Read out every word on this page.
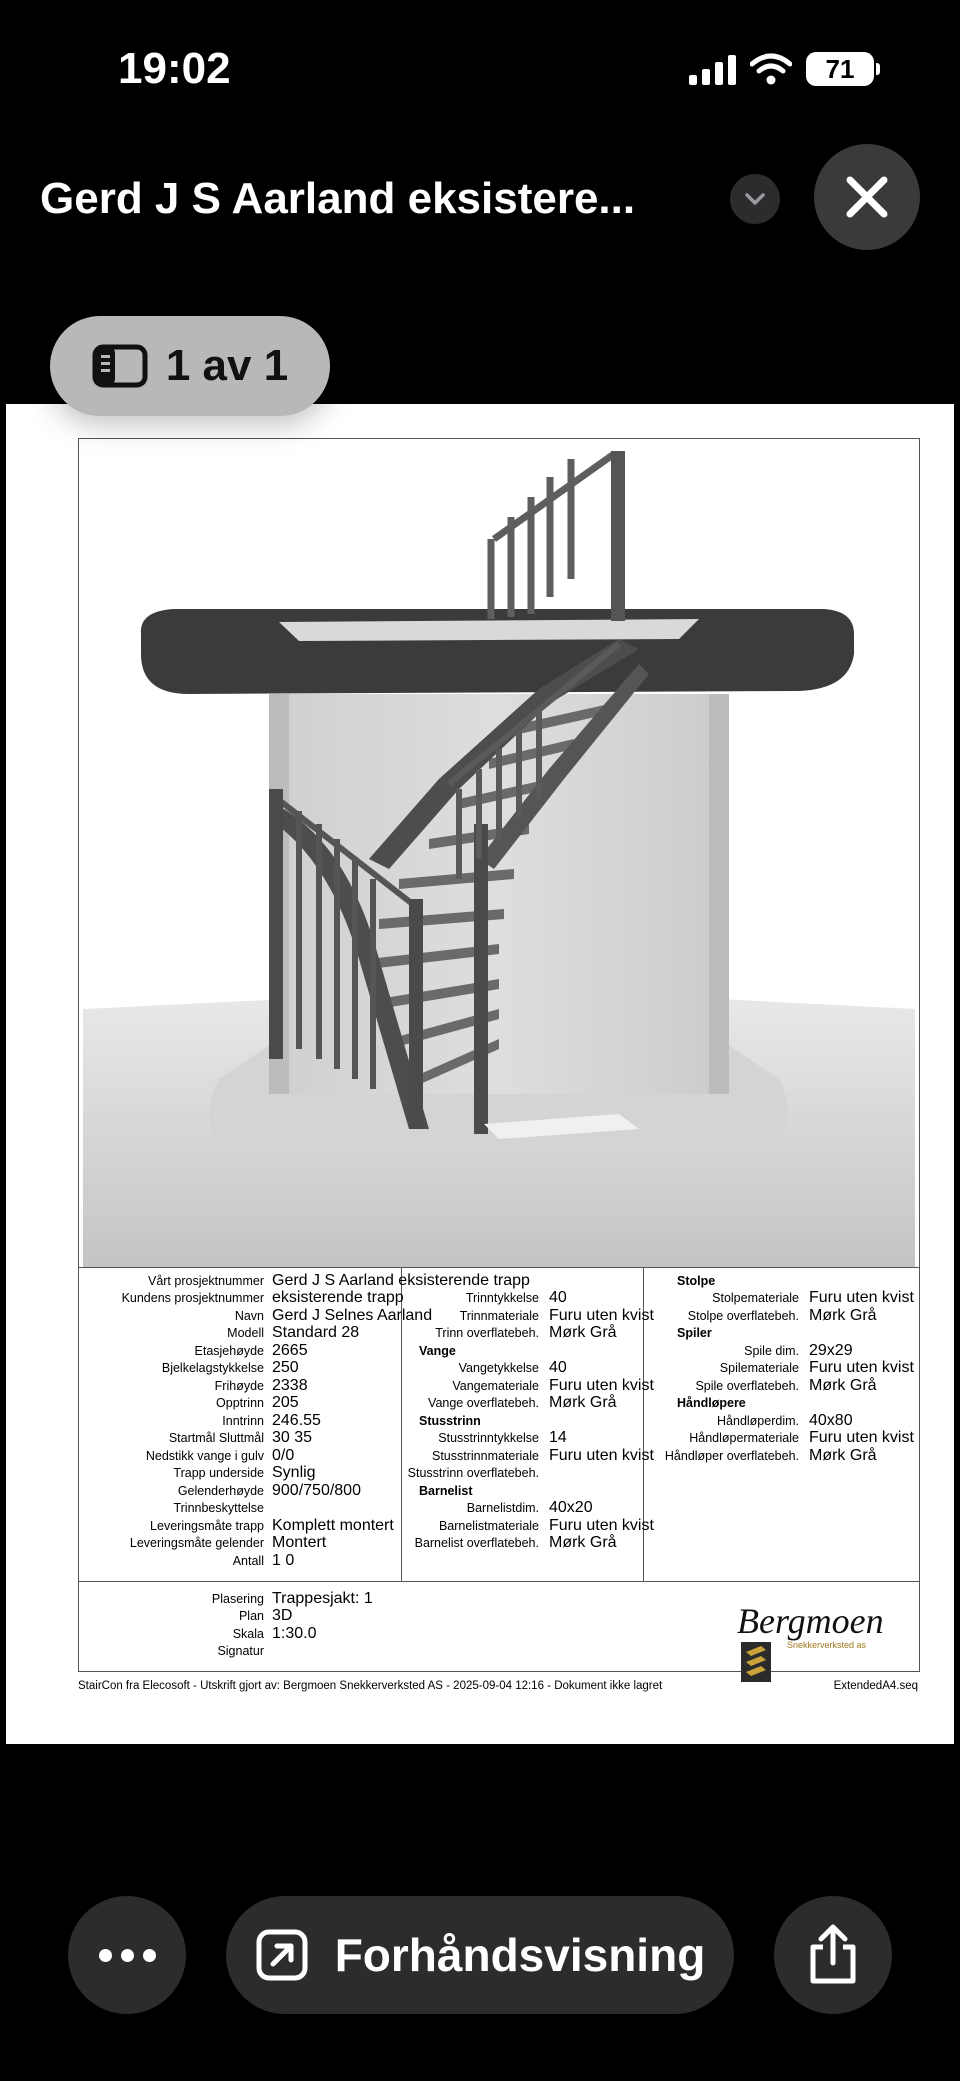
19:02	71
Gerd J S Aarland eksistere...
1 av 1
Vårt prosjektnummer Gerd J S Aarland eksisterende trapp
Kundens prosjektnummer eksisterende trapp
Navn Gerd J Selnes Aarland
Modell Standard 28
Etasjehøyde 2665
Bjelkelagstykkelse 250
Frihøyde 2338
Opptrinn 205
Inntrinn 246.55
Startmål Sluttmål 30 35
Nedstikk vange i gulv 0/0
Trapp underside Synlig
Gelenderhøyde 900/750/800
Trinnbeskyttelse
Leveringsmåte trapp Komplett montert
Leveringsmåte gelender Montert
Antall 1 0
Trinntykkelse 40
Trinnmateriale Furu uten kvist
Trinn overflatebeh. Mørk Grå
Vange
Vangetykkelse 40
Vangemateriale Furu uten kvist
Vange overflatebeh. Mørk Grå
Stusstrinn
Stusstrinntykkelse 14
Stusstrinnmateriale Furu uten kvist
Stusstrinn overflatebeh.
Barnelist
Barnelistdim. 40x20
Barnelistmateriale Furu uten kvist
Barnelist overflatebeh. Mørk Grå
Stolpe
Stolpemateriale Furu uten kvist
Stolpe overflatebeh. Mørk Grå
Spiler
Spile dim. 29x29
Spilemateriale Furu uten kvist
Spile overflatebeh. Mørk Grå
Håndløpere
Håndløperdim. 40x80
Håndløpermateriale Furu uten kvist
Håndløper overflatebeh. Mørk Grå
Plasering Trappesjakt: 1
Plan 3D
Skala 1:30.0
Signatur
Bergmoen
Snekkerverksted as
StairCon fra Elecosoft - Utskrift gjort av: Bergmoen Snekkerverksted AS - 2025-09-04 12:16 - Dokument ikke lagret	ExtendedA4.seq
Forhåndsvisning
